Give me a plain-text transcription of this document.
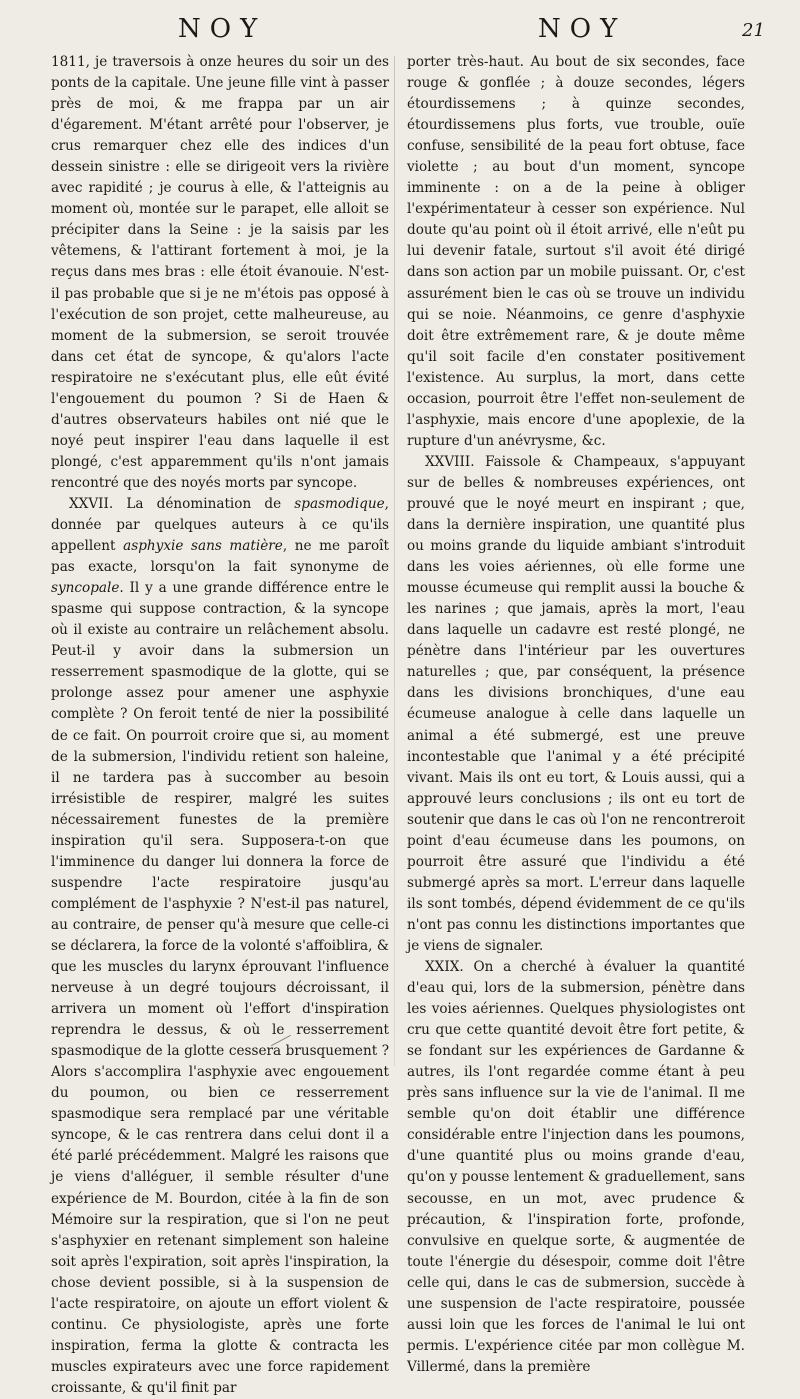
NOY	NOY	21

1811, je traversois à onze heures du soir un des ponts de la capitale. Une jeune fille vint à passer près de moi, & me frappa par un air d'égarement. M'étant arrêté pour l'observer, je crus remarquer chez elle des indices d'un dessein sinistre : elle se dirigeoit vers la rivière avec rapidité ; je courus à elle, & l'atteignis au moment où, montée sur le parapet, elle alloit se précipiter dans la Seine : je la saisis par les vêtemens, & l'attirant fortement à moi, je la reçus dans mes bras : elle étoit évanouie. N'est-il pas probable que si je ne m'étois pas opposé à l'exécution de son projet, cette malheureuse, au moment de la submersion, se seroit trouvée dans cet état de syncope, & qu'alors l'acte respiratoire ne s'exécutant plus, elle eût évité l'engouement du poumon ? Si de Haen & d'autres observateurs habiles ont nié que le noyé peut inspirer l'eau dans laquelle il est plongé, c'est apparemment qu'ils n'ont jamais rencontré que des noyés morts par syncope.

XXVII. La dénomination de spasmodique, donnée par quelques auteurs à ce qu'ils appellent asphyxie sans matière, ne me paroît pas exacte, lorsqu'on la fait synonyme de syncopale. Il y a une grande différence entre le spasme qui suppose contraction, & la syncope où il existe au contraire un relâchement absolu. Peut-il y avoir dans la submersion un resserrement spasmodique de la glotte, qui se prolonge assez pour amener une asphyxie complète ? On feroit tenté de nier la possibilité de ce fait. On pourroit croire que si, au moment de la submersion, l'individu retient son haleine, il ne tardera pas à succomber au besoin irrésistible de respirer, malgré les suites nécessairement funestes de la première inspiration qu'il sera. Supposera-t-on que l'imminence du danger lui donnera la force de suspendre l'acte respiratoire jusqu'au complément de l'asphyxie ? N'est-il pas naturel, au contraire, de penser qu'à mesure que celle-ci se déclarera, la force de la volonté s'affoiblira, & que les muscles du larynx éprouvant l'influence nerveuse à un degré toujours décroissant, il arrivera un moment où l'effort d'inspiration reprendra le dessus, & où le resserrement spasmodique de la glotte cessera brusquement ? Alors s'accomplira l'asphyxie avec engouement du poumon, ou bien ce resserrement spasmodique sera remplacé par une véritable syncope, & le cas rentrera dans celui dont il a été parlé précédemment. Malgré les raisons que je viens d'alléguer, il semble résulter d'une expérience de M. Bourdon, citée à la fin de son Mémoire sur la respiration, que si l'on ne peut s'asphyxier en retenant simplement son haleine soit après l'expiration, soit après l'inspiration, la chose devient possible, si à la suspension de l'acte respiratoire, on ajoute un effort violent & continu. Ce physiologiste, après une forte inspiration, ferma la glotte & contracta les muscles expirateurs avec une force rapidement croissante, & qu'il finit par

porter très-haut. Au bout de six secondes, face rouge & gonflée ; à douze secondes, légers étourdissemens ; à quinze secondes, étourdissemens plus forts, vue trouble, ouïe confuse, sensibilité de la peau fort obtuse, face violette ; au bout d'un moment, syncope imminente : on a de la peine à obliger l'expérimentateur à cesser son expérience. Nul doute qu'au point où il étoit arrivé, elle n'eût pu lui devenir fatale, surtout s'il avoit été dirigé dans son action par un mobile puissant. Or, c'est assurément bien le cas où se trouve un individu qui se noie. Néanmoins, ce genre d'asphyxie doit être extrêmement rare, & je doute même qu'il soit facile d'en constater positivement l'existence. Au surplus, la mort, dans cette occasion, pourroit être l'effet non-seulement de l'asphyxie, mais encore d'une apoplexie, de la rupture d'un anévrysme, &c.

XXVIII. Faissole & Champeaux, s'appuyant sur de belles & nombreuses expériences, ont prouvé que le noyé meurt en inspirant ; que, dans la dernière inspiration, une quantité plus ou moins grande du liquide ambiant s'introduit dans les voies aériennes, où elle forme une mousse écumeuse qui remplit aussi la bouche & les narines ; que jamais, après la mort, l'eau dans laquelle un cadavre est resté plongé, ne pénètre dans l'intérieur par les ouvertures naturelles ; que, par conséquent, la présence dans les divisions bronchiques, d'une eau écumeuse analogue à celle dans laquelle un animal a été submergé, est une preuve incontestable que l'animal y a été précipité vivant. Mais ils ont eu tort, & Louis aussi, qui a approuvé leurs conclusions ; ils ont eu tort de soutenir que dans le cas où l'on ne rencontreroit point d'eau écumeuse dans les poumons, on pourroit être assuré que l'individu a été submergé après sa mort. L'erreur dans laquelle ils sont tombés, dépend évidemment de ce qu'ils n'ont pas connu les distinctions importantes que je viens de signaler.

XXIX. On a cherché à évaluer la quantité d'eau qui, lors de la submersion, pénètre dans les voies aériennes. Quelques physiologistes ont cru que cette quantité devoit être fort petite, & se fondant sur les expériences de Gardanne & autres, ils l'ont regardée comme étant à peu près sans influence sur la vie de l'animal. Il me semble qu'on doit établir une différence considérable entre l'injection dans les poumons, d'une quantité plus ou moins grande d'eau, qu'on y pousse lentement & graduellement, sans secousse, en un mot, avec prudence & précaution, & l'inspiration forte, profonde, convulsive en quelque sorte, & augmentée de toute l'énergie du désespoir, comme doit l'être celle qui, dans le cas de submersion, succède à une suspension de l'acte respiratoire, poussée aussi loin que les forces de l'animal le lui ont permis. L'expérience citée par mon collègue M. Villermé, dans la première
